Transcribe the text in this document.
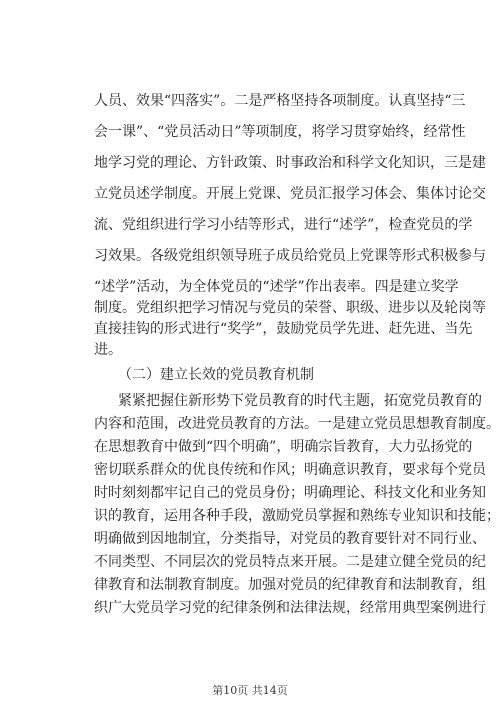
人员、效果“四落实”。二是严格坚持各项制度。认真坚持“三
会一课”、“党员活动日”等项制度，将学习贯穿始终，经常性
地学习党的理论、方针政策、时事政治和科学文化知识，三是建
立党员述学制度。开展上党课、党员汇报学习体会、集体讨论交
流、党组织进行学习小结等形式，进行“述学”，检查党员的学
习效果。各级党组织领导班子成员给党员上党课等形式积极参与
“述学”活动，为全体党员的“述学”作出表率。四是建立奖学
制度。党组织把学习情况与党员的荣誉、职级、进步以及轮岗等
直接挂钩的形式进行“奖学”，鼓励党员学先进、赶先进、当先
进。
（二）建立长效的党员教育机制
紧紧把握住新形势下党员教育的时代主题，拓宽党员教育的
内容和范围，改进党员教育的方法。一是建立党员思想教育制度。
在思想教育中做到“四个明确”，明确宗旨教育，大力弘扬党的
密切联系群众的优良传统和作风；明确意识教育，要求每个党员
时时刻刻都牢记自己的党员身份；明确理论、科技文化和业务知
识的教育，运用各种手段，激励党员掌握和熟练专业知识和技能；
明确做到因地制宜，分类指导，对党员的教育要针对不同行业、
不同类型、不同层次的党员特点来开展。二是建立健全党员的纪
律教育和法制教育制度。加强对党员的纪律教育和法制教育，组
织广大党员学习党的纪律条例和法律法规，经常用典型案例进行
第10页 共14页
